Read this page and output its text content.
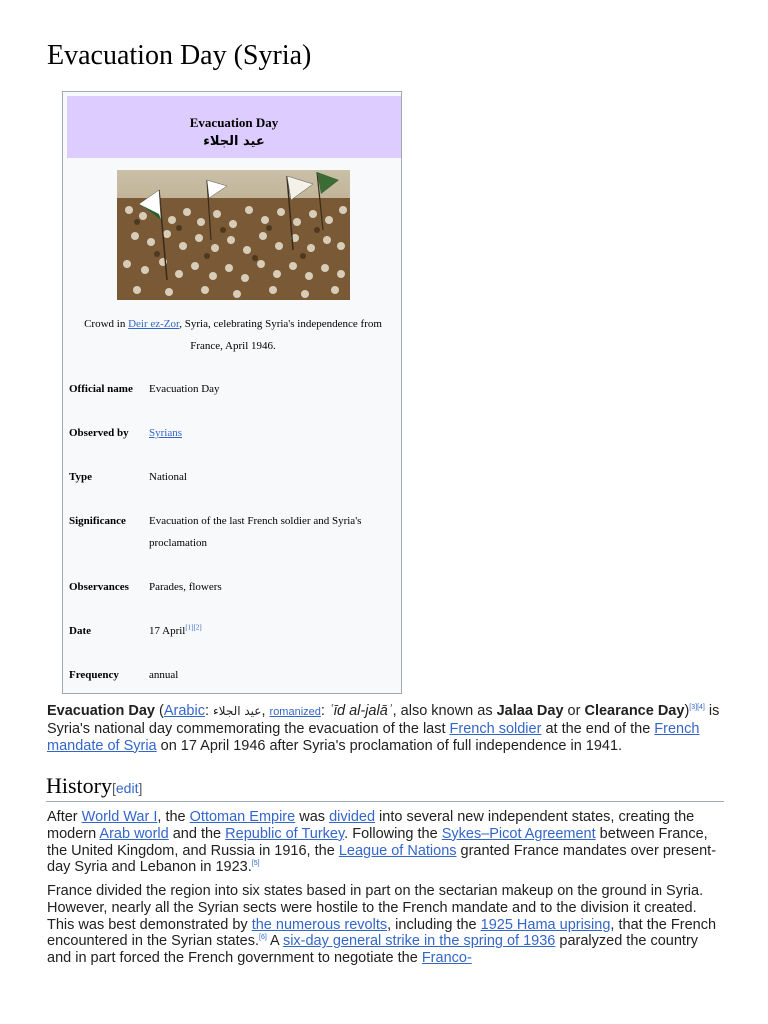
Evacuation Day (Syria)
Evacuation Day
عيد الجلاء
Crowd in Deir ez-Zor, Syria, celebrating Syria's independence from France, April 1946.
Official name	Evacuation Day
Observed by	Syrians
Type	National
Significance	Evacuation of the last French soldier and Syria's proclamation
Observances	Parades, flowers
Date	17 April[1][2]
Frequency	annual

Evacuation Day (Arabic: عيد الجلاء, romanized: ʿīd al-jalāʾ, also known as Jalaa Day or Clearance Day)[3][4] is Syria's national day commemorating the evacuation of the last French soldier at the end of the French mandate of Syria on 17 April 1946 after Syria's proclamation of full independence in 1941.

History[edit]

After World War I, the Ottoman Empire was divided into several new independent states, creating the modern Arab world and the Republic of Turkey. Following the Sykes–Picot Agreement between France, the United Kingdom, and Russia in 1916, the League of Nations granted France mandates over present-day Syria and Lebanon in 1923.[5]

France divided the region into six states based in part on the sectarian makeup on the ground in Syria. However, nearly all the Syrian sects were hostile to the French mandate and to the division it created. This was best demonstrated by the numerous revolts, including the 1925 Hama uprising, that the French encountered in the Syrian states.[6] A six-day general strike in the spring of 1936 paralyzed the country and in part forced the French government to negotiate the Franco-
